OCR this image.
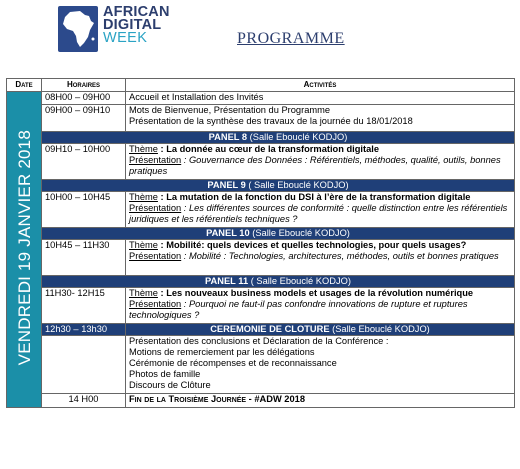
AFRICAN
DIGITAL
WEEK	PROGRAMME
Date	Horaires	Activités
VENDREDI 19 JANVIER 2018	08H00 – 09H00	Accueil et Installation des Invités
	09H00 – 09H10	Mots de Bienvenue, Présentation du Programme
Présentation de la synthèse des travaux de la journée du 18/01/2018

	PANEL 8 (Salle Ebouclé KODJO)	
	09H10 – 10H00	Thème : La donnée au cœur de la transformation digitale
Présentation : Gouvernance des Données : Référentiels, méthodes, qualité, outils, bonnes pratiques

	PANEL 9 ( Salle Ebouclé KODJO)	
	10H00 – 10H45	Thème : La mutation de la fonction du DSI à l’ère de la transformation digitale
Présentation : Les différentes sources de conformité : quelle distinction entre les référentiels juridiques et les référentiels techniques ?

	PANEL 10 (Salle Ebouclé KODJO)	
	10H45 – 11H30	Thème : Mobilité: quels devices et quelles technologies, pour quels usages?
Présentation : Mobilité : Technologies, architectures, méthodes, outils et bonnes pratiques

	PANEL 11 ( Salle Ebouclé KODJO)	
	11H30- 12H15	Thème : Les nouveaux business models et usages de la révolution numérique
Présentation : Pourquoi ne faut-il pas confondre innovations de rupture et ruptures technologiques ?

	12h30 – 13h30	CEREMONIE DE CLOTURE (Salle Ebouclé KODJO)

		Présentation des conclusions et Déclaration de la Conférence :
Motions de remerciement par les délégations
Cérémonie de récompenses et de reconnaissance
Photos de famille
Discours de Clôture

	14 H00	Fin de la Troisième Journée - #ADW 2018
